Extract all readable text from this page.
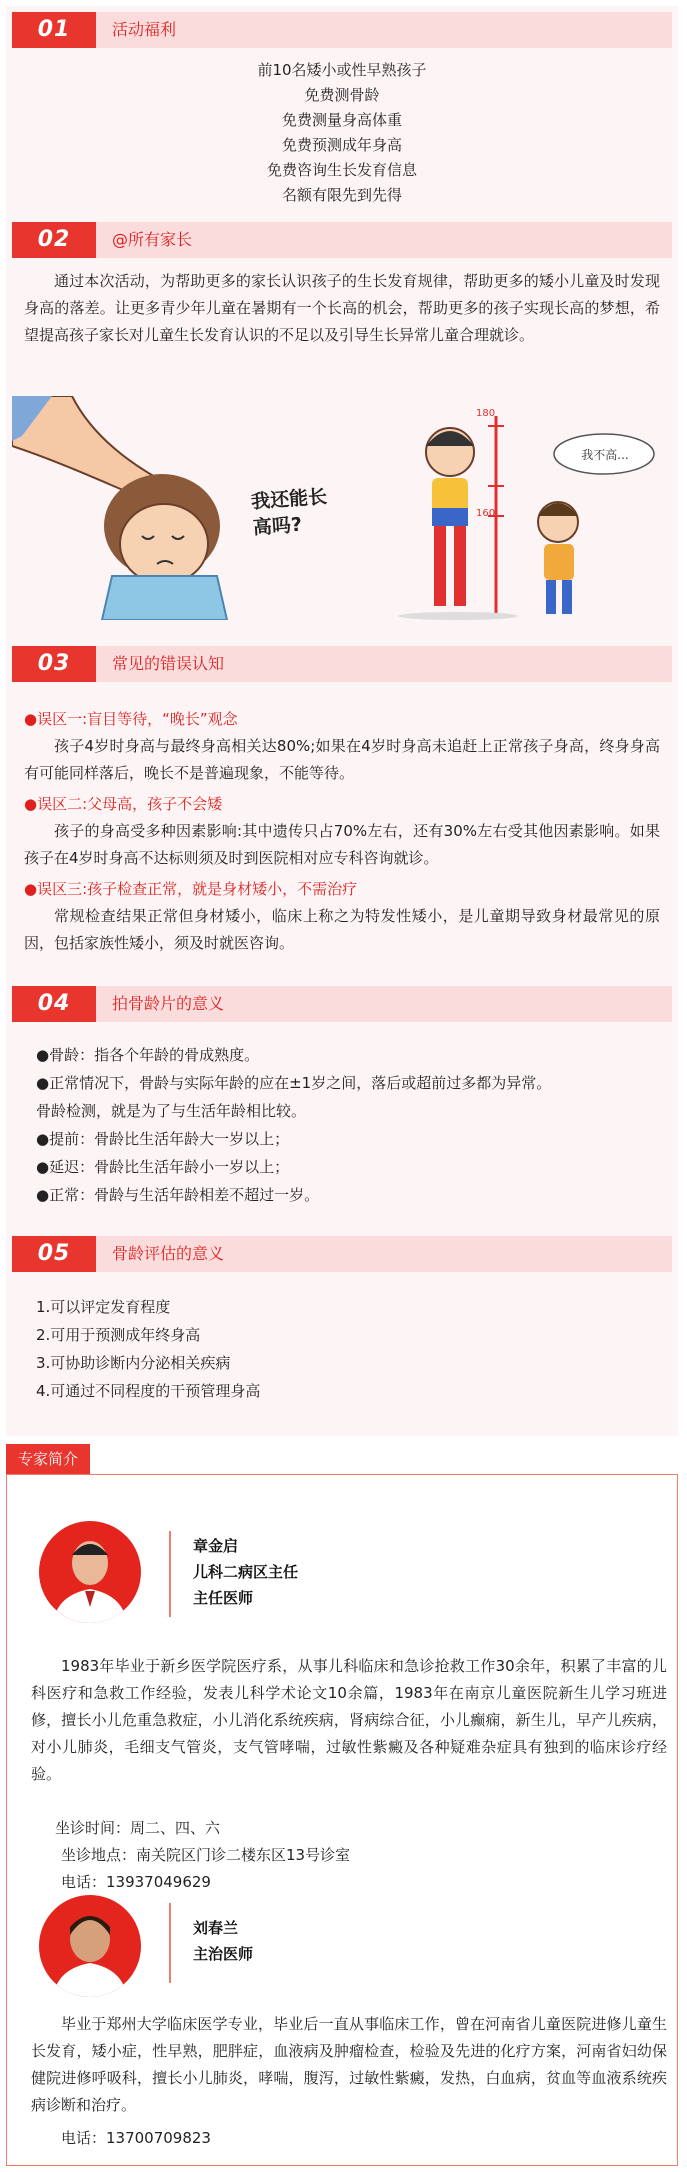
01	活动福利
前10名矮小或性早熟孩子
免费测骨龄
免费测量身高体重
免费预测成年身高
免费咨询生长发育信息
名额有限先到先得
02	@所有家长
通过本次活动，为帮助更多的家长认识孩子的生长发育规律，帮助更多的矮小儿童及时发现身高的落差。让更多青少年儿童在暑期有一个长高的机会，帮助更多的孩子实现长高的梦想，希望提高孩子家长对儿童生长发育认识的不足以及引导生长异常儿童合理就诊。
我还能长高吗?
180
160
我不高...
03	常见的错误认知
●误区一:盲目等待，“晚长”观念
孩子4岁时身高与最终身高相关达80%;如果在4岁时身高未追赶上正常孩子身高，终身身高有可能同样落后，晚长不是普遍现象，不能等待。
●误区二:父母高，孩子不会矮
孩子的身高受多种因素影响:其中遗传只占70%左右，还有30%左右受其他因素影响。如果孩子在4岁时身高不达标则须及时到医院相对应专科咨询就诊。
●误区三:孩子检查正常，就是身材矮小，不需治疗
常规检查结果正常但身材矮小，临床上称之为特发性矮小，是儿童期导致身材最常见的原因，包括家族性矮小，须及时就医咨询。
04	拍骨龄片的意义
●骨龄：指各个年龄的骨成熟度。
●正常情况下，骨龄与实际年龄的应在±1岁之间，落后或超前过多都为异常。
骨龄检测，就是为了与生活年龄相比较。
●提前：骨龄比生活年龄大一岁以上；
●延迟：骨龄比生活年龄小一岁以上；
●正常：骨龄与生活年龄相差不超过一岁。
05	骨龄评估的意义
1.可以评定发育程度
2.可用于预测成年终身高
3.可协助诊断内分泌相关疾病
4.可通过不同程度的干预管理身高
专家简介
章金启
儿科二病区主任
主任医师
1983年毕业于新乡医学院医疗系，从事儿科临床和急诊抢救工作30余年，积累了丰富的儿科医疗和急救工作经验，发表儿科学术论文10余篇，1983年在南京儿童医院新生儿学习班进修，擅长小儿危重急救症，小儿消化系统疾病，肾病综合征，小儿癫痫，新生儿，早产儿疾病，对小儿肺炎，毛细支气管炎，支气管哮喘，过敏性紫癜及各种疑难杂症具有独到的临床诊疗经验。
坐诊时间：周二、四、六
坐诊地点：南关院区门诊二楼东区13号诊室
电话：13937049629
刘春兰
主治医师
毕业于郑州大学临床医学专业，毕业后一直从事临床工作，曾在河南省儿童医院进修儿童生长发育，矮小症，性早熟，肥胖症，血液病及肿瘤检查，检验及先进的化疗方案，河南省妇幼保健院进修呼吸科，擅长小儿肺炎，哮喘，腹泻，过敏性紫癜，发热，白血病，贫血等血液系统疾病诊断和治疗。
电话：13700709823
